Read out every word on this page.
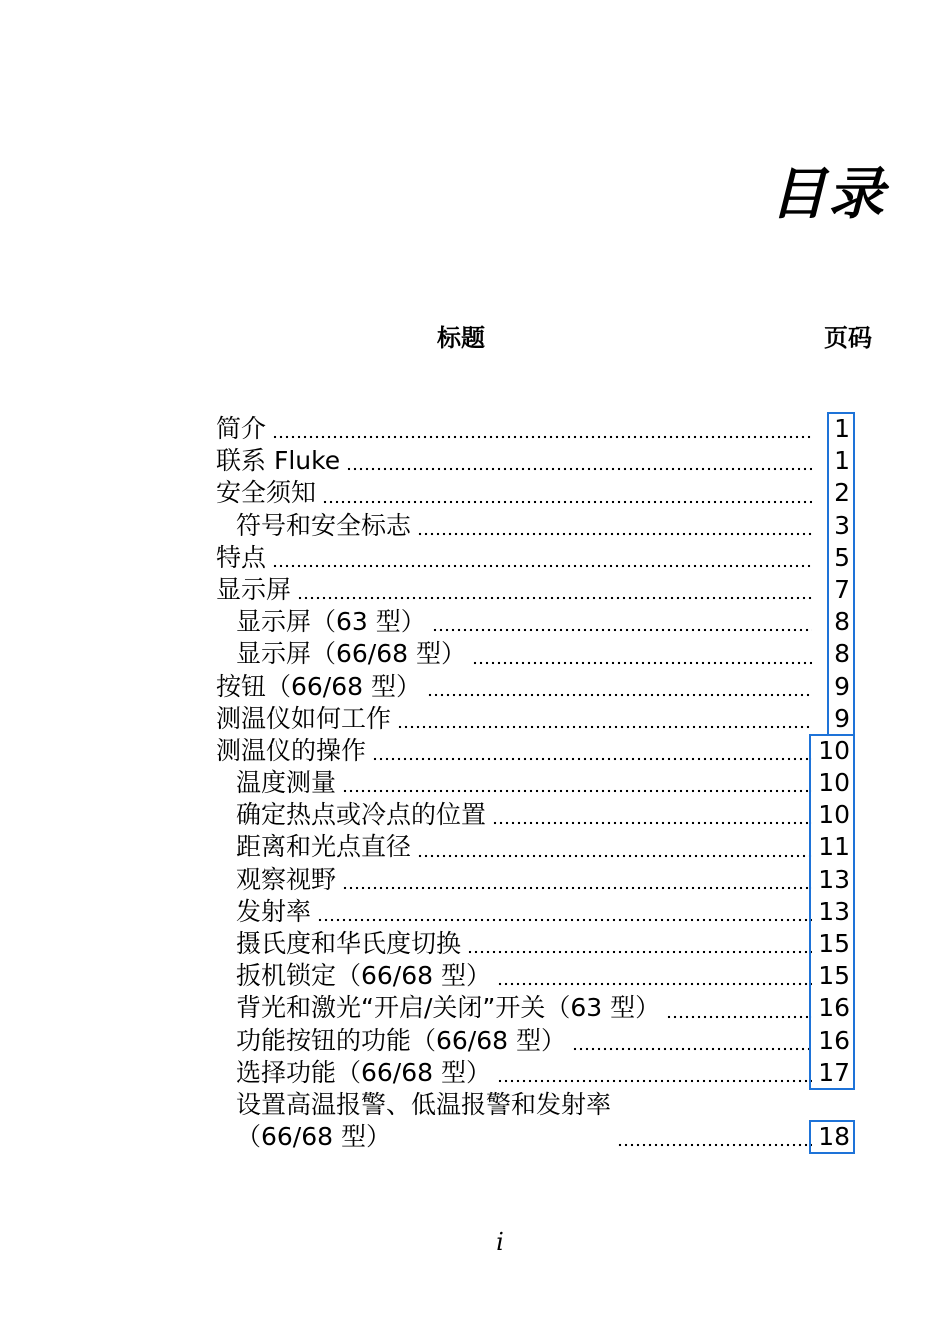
目录
标题	页码
简介	1
联系 Fluke	1
安全须知	2
符号和安全标志	3
特点	5
显示屏	7
显示屏（63 型）	8
显示屏（66/68 型）	8
按钮（66/68 型）	9
测温仪如何工作	9
测温仪的操作	10
温度测量	10
确定热点或冷点的位置	10
距离和光点直径	11
观察视野	13
发射率	13
摄氏度和华氏度切换	15
扳机锁定（66/68 型）	15
背光和激光“开启/关闭”开关（63 型）	16
功能按钮的功能（66/68 型）	16
选择功能（66/68 型）	17
设置高温报警、低温报警和发射率
（66/68 型）	18
i
